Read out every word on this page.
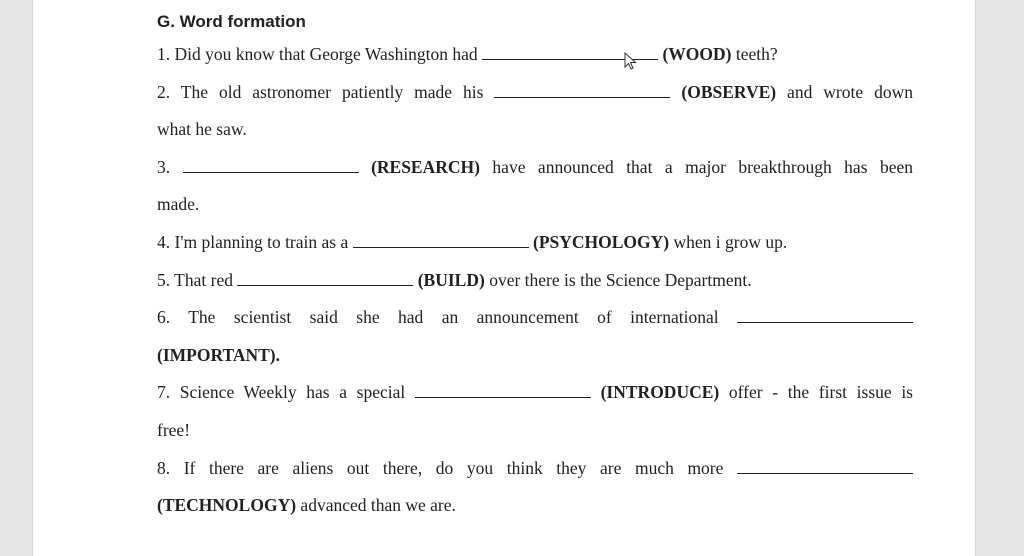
G. Word formation

1. Did you know that George Washington had	(WOOD) teeth?

2. The old astronomer patiently made his	(OBSERVE) and wrote down

what he saw.

3.	(RESEARCH) have announced that a major breakthrough has been

made.

4. I'm planning to train as a	(PSYCHOLOGY) when i grow up.

5. That red	(BUILD) over there is the Science Department.

6. The scientist said she had an announcement of international

(IMPORTANT).

7. Science Weekly has a special	(INTRODUCE) offer - the first issue is

free!

8. If there are aliens out there, do you think they are much more

(TECHNOLOGY) advanced than we are.
